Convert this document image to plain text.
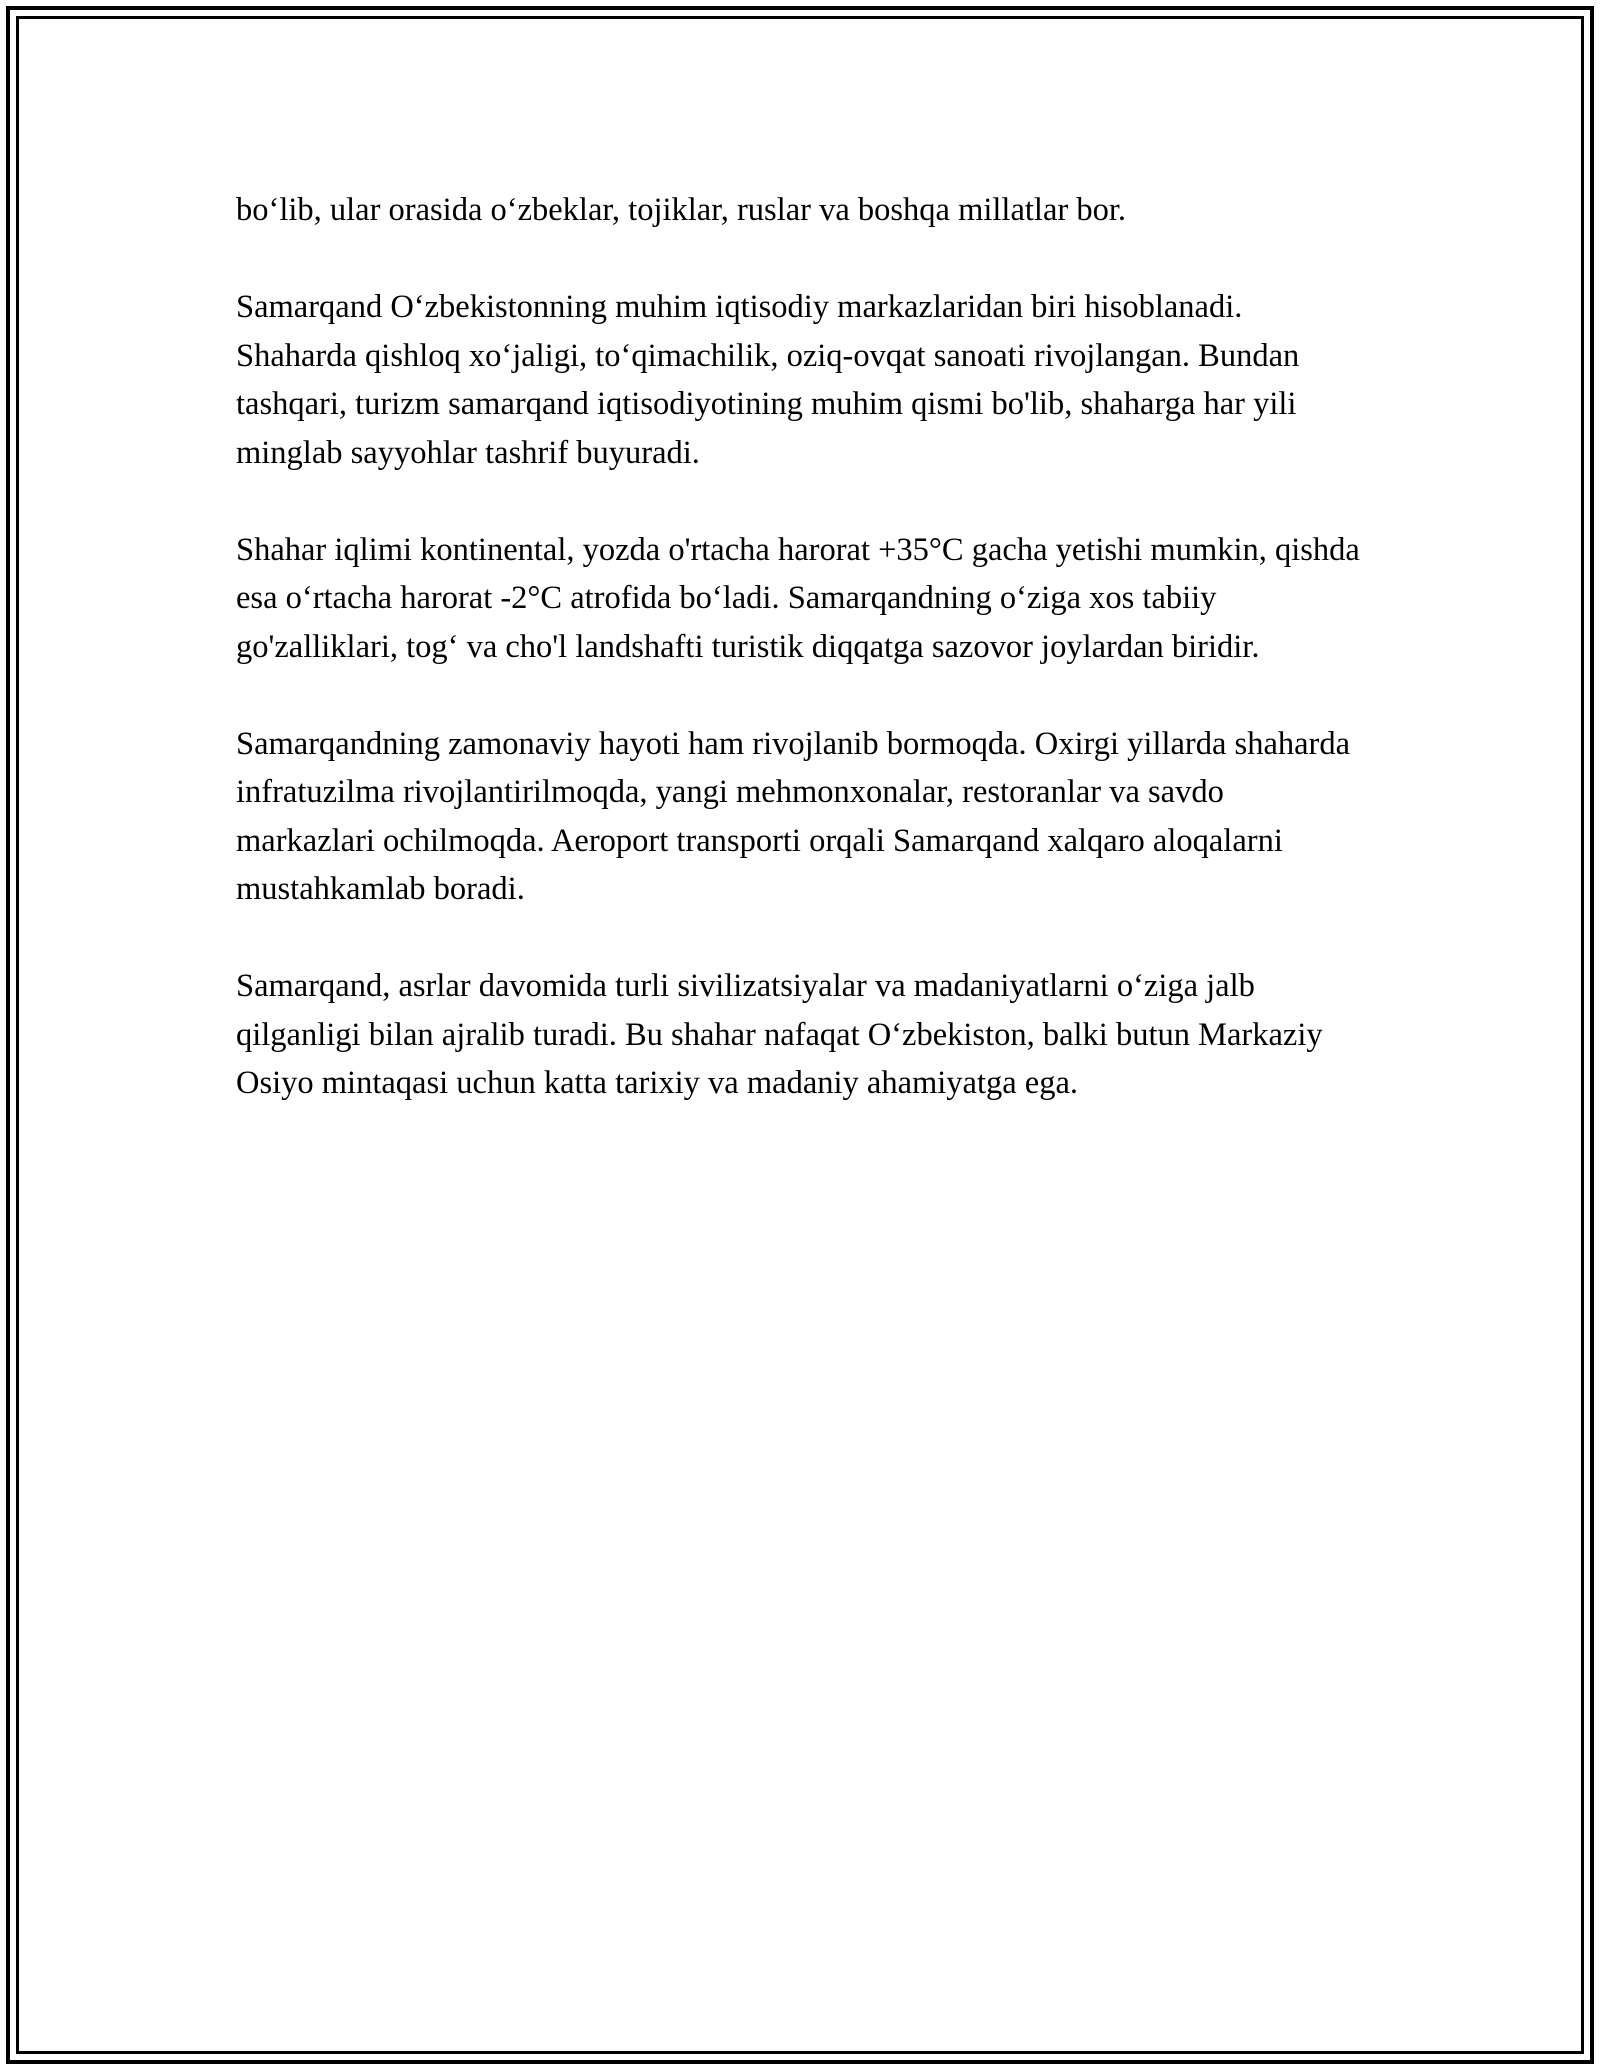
bo‘lib, ular orasida o‘zbeklar, tojiklar, ruslar va boshqa millatlar bor.

Samarqand O‘zbekistonning muhim iqtisodiy markazlaridan biri hisoblanadi. Shaharda qishloq xo‘jaligi, to‘qimachilik, oziq-ovqat sanoati rivojlangan. Bundan tashqari, turizm samarqand iqtisodiyotining muhim qismi bo'lib, shaharga har yili minglab sayyohlar tashrif buyuradi.

Shahar iqlimi kontinental, yozda o'rtacha harorat +35°C gacha yetishi mumkin, qishda esa o‘rtacha harorat -2°C atrofida bo‘ladi. Samarqandning o‘ziga xos tabiiy go'zalliklari, tog‘ va cho'l landshafti turistik diqqatga sazovor joylardan biridir.

Samarqandning zamonaviy hayoti ham rivojlanib bormoqda. Oxirgi yillarda shaharda infratuzilma rivojlantirilmoqda, yangi mehmonxonalar, restoranlar va savdo markazlari ochilmoqda. Aeroport transporti orqali Samarqand xalqaro aloqalarni mustahkamlab boradi.

Samarqand, asrlar davomida turli sivilizatsiyalar va madaniyatlarni o‘ziga jalb qilganligi bilan ajralib turadi. Bu shahar nafaqat O‘zbekiston, balki butun Markaziy Osiyo mintaqasi uchun katta tarixiy va madaniy ahamiyatga ega.
